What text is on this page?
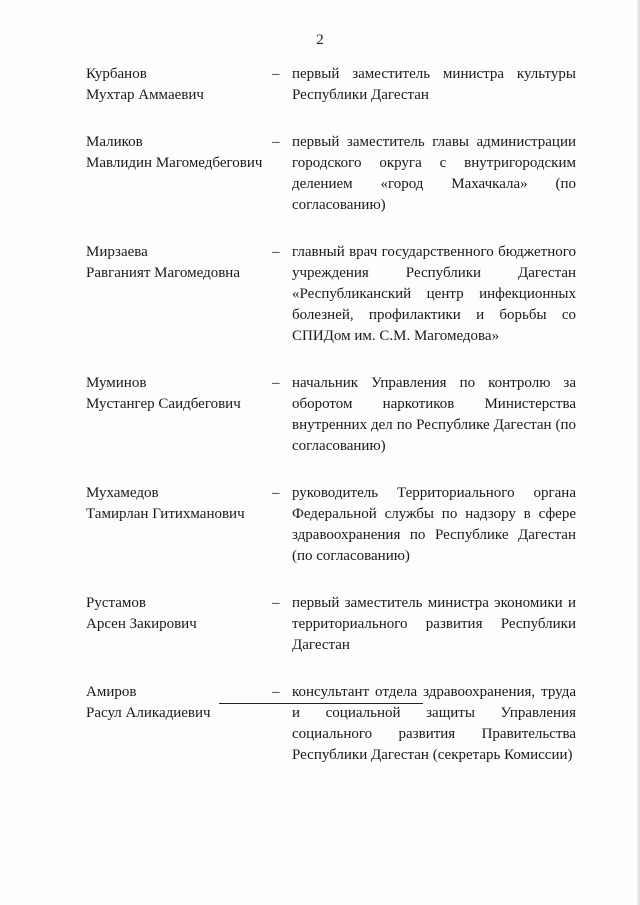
2
Курбанов
Мухтар Аммаевич
– первый заместитель министра культуры Республики Дагестан
Маликов
Мавлидин Магомедбегович
– первый заместитель главы администрации городского округа с внутригородским делением «город Махачкала» (по согласованию)
Мирзаева
Равганият Магомедовна
– главный врач государственного бюджетного учреждения Республики Дагестан «Республиканский центр инфекционных болезней, профилактики и борьбы со СПИДом им. С.М. Магомедова»
Муминов
Мустангер Саидбегович
– начальник Управления по контролю за оборотом наркотиков Министерства внутренних дел по Республике Дагестан (по согласованию)
Мухамедов
Тамирлан Гитихманович
– руководитель Территориального органа Федеральной службы по надзору в сфере здравоохранения по Республике Дагестан (по согласованию)
Рустамов
Арсен Закирович
– первый заместитель министра экономики и территориального развития Республики Дагестан
Амиров
Расул Аликадиевич
– консультант отдела здравоохранения, труда и социальной защиты Управления социального развития Правительства Республики Дагестан (секретарь Комиссии)
